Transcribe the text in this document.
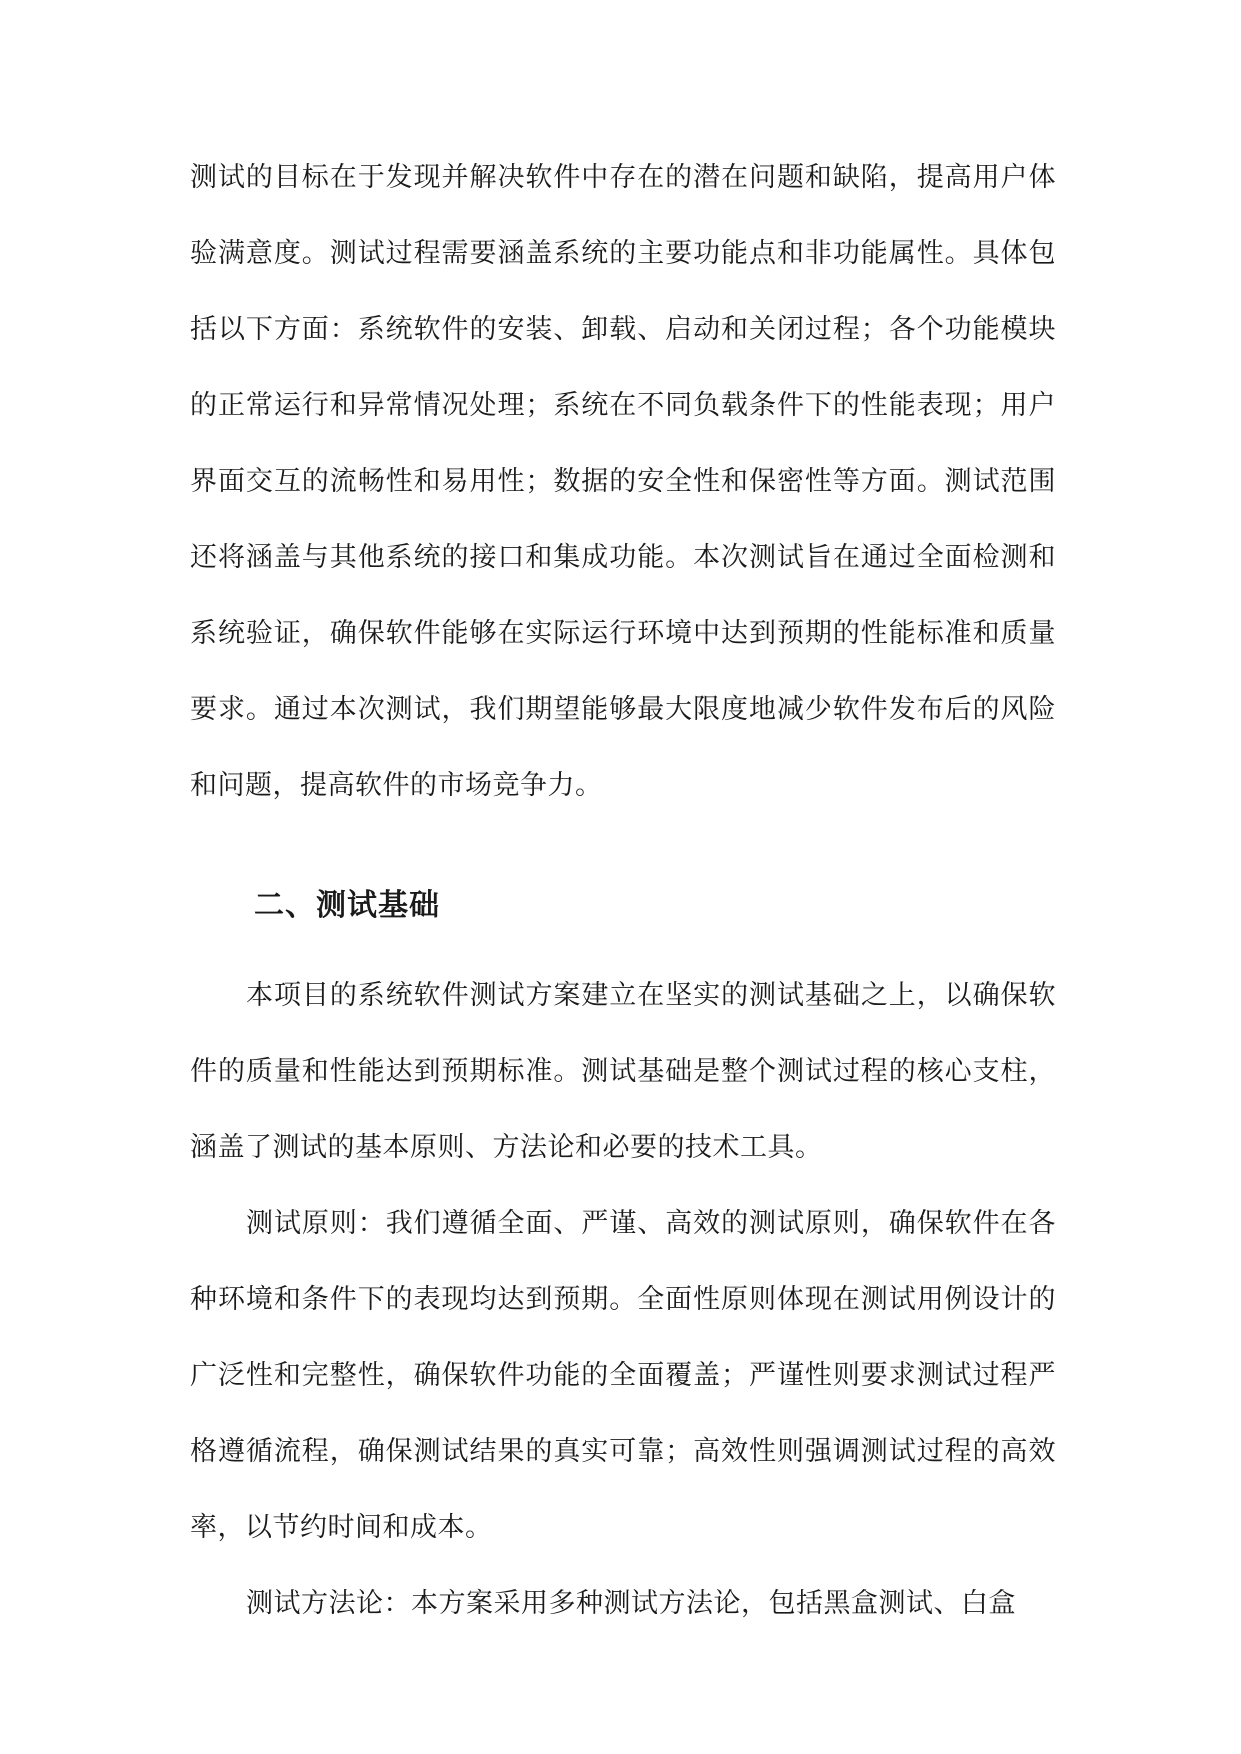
测试的目标在于发现并解决软件中存在的潜在问题和缺陷，提高用户体验满意度。测试过程需要涵盖系统的主要功能点和非功能属性。具体包括以下方面：系统软件的安装、卸载、启动和关闭过程；各个功能模块的正常运行和异常情况处理；系统在不同负载条件下的性能表现；用户界面交互的流畅性和易用性；数据的安全性和保密性等方面。测试范围还将涵盖与其他系统的接口和集成功能。本次测试旨在通过全面检测和系统验证，确保软件能够在实际运行环境中达到预期的性能标准和质量要求。通过本次测试，我们期望能够最大限度地减少软件发布后的风险和问题，提高软件的市场竞争力。

二、测试基础

本项目的系统软件测试方案建立在坚实的测试基础之上，以确保软件的质量和性能达到预期标准。测试基础是整个测试过程的核心支柱，涵盖了测试的基本原则、方法论和必要的技术工具。

测试原则：我们遵循全面、严谨、高效的测试原则，确保软件在各种环境和条件下的表现均达到预期。全面性原则体现在测试用例设计的广泛性和完整性，确保软件功能的全面覆盖；严谨性则要求测试过程严格遵循流程，确保测试结果的真实可靠；高效性则强调测试过程的高效率，以节约时间和成本。

测试方法论：本方案采用多种测试方法论，包括黑盒测试、白盒
